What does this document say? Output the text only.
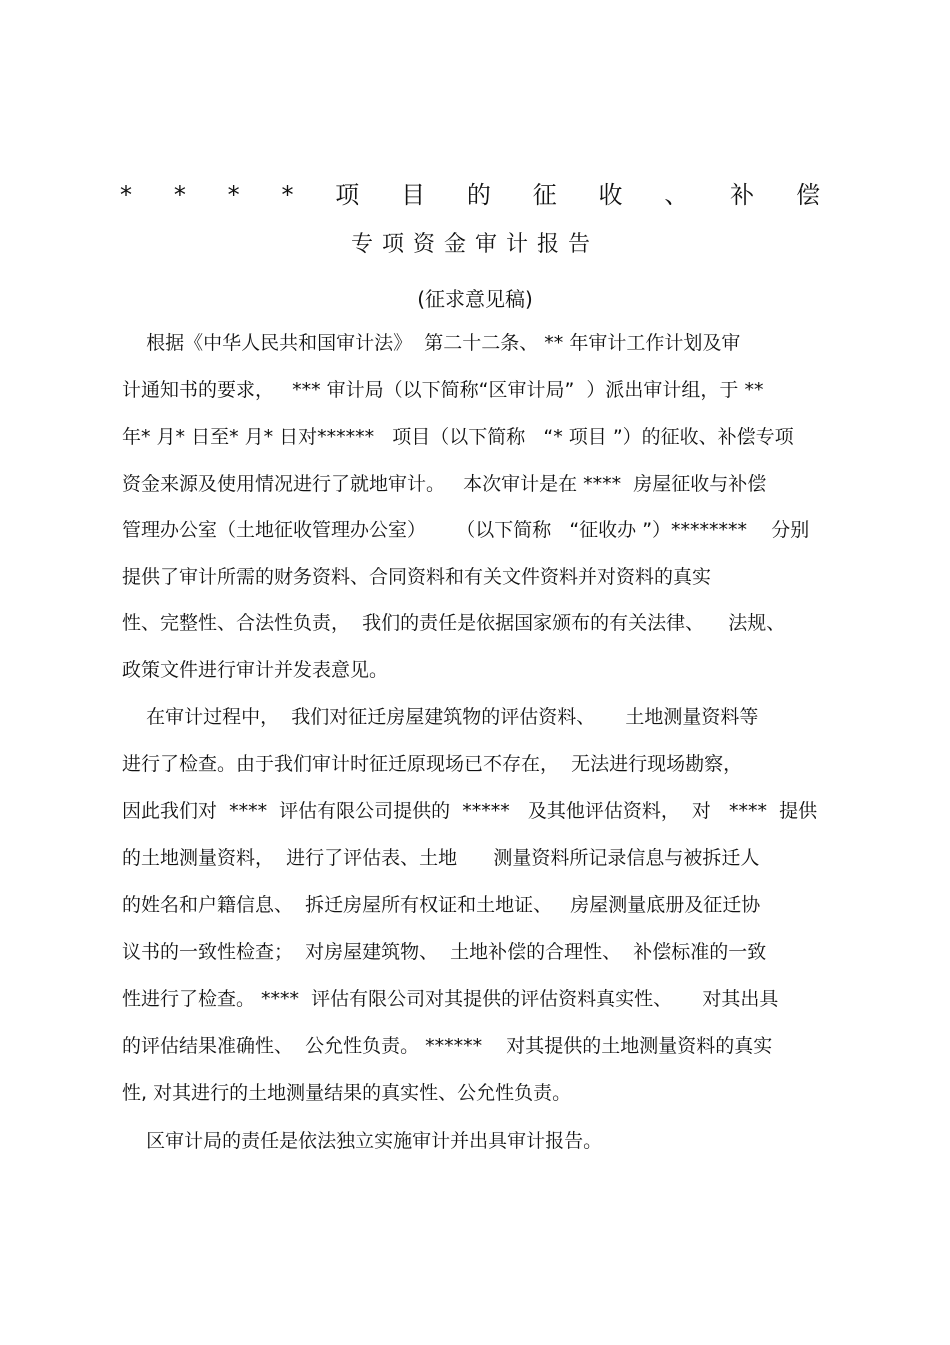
* * * * 项 目 的 征 收 、 补 偿
专项资金审计报告
(征求意见稿)
根据《中华人民共和国审计法》  第二十二条、 ** 年审计工作计划及审
计通知书的要求，   *** 审计局（以下简称“区审计局”  ）派出审计组，于 **
年* 月* 日至* 月* 日对******   项目（以下简称   “* 项目 ”）的征收、补偿专项
资金来源及使用情况进行了就地审计。   本次审计是在 ****  房屋征收与补偿
管理办公室（土地征收管理办公室）     （以下简称   “征收办 ”）********    分别
提供了审计所需的财务资料、合同资料和有关文件资料并对资料的真实
性、完整性、合法性负责，  我们的责任是依据国家颁布的有关法律、    法规、
政策文件进行审计并发表意见。
在审计过程中，  我们对征迁房屋建筑物的评估资料、     土地测量资料等
进行了检查。由于我们审计时征迁原现场已不存在，  无法进行现场勘察，
因此我们对  ****  评估有限公司提供的  *****   及其他评估资料，  对   ****  提供
的土地测量资料，  进行了评估表、土地      测量资料所记录信息与被拆迁人
的姓名和户籍信息、  拆迁房屋所有权证和土地证、   房屋测量底册及征迁协
议书的一致性检查；  对房屋建筑物、  土地补偿的合理性、  补偿标准的一致
性进行了检查。 ****  评估有限公司对其提供的评估资料真实性、     对其出具
的评估结果准确性、  公允性负责。 ******    对其提供的土地测量资料的真实
性, 对其进行的土地测量结果的真实性、公允性负责。
区审计局的责任是依法独立实施审计并出具审计报告。
